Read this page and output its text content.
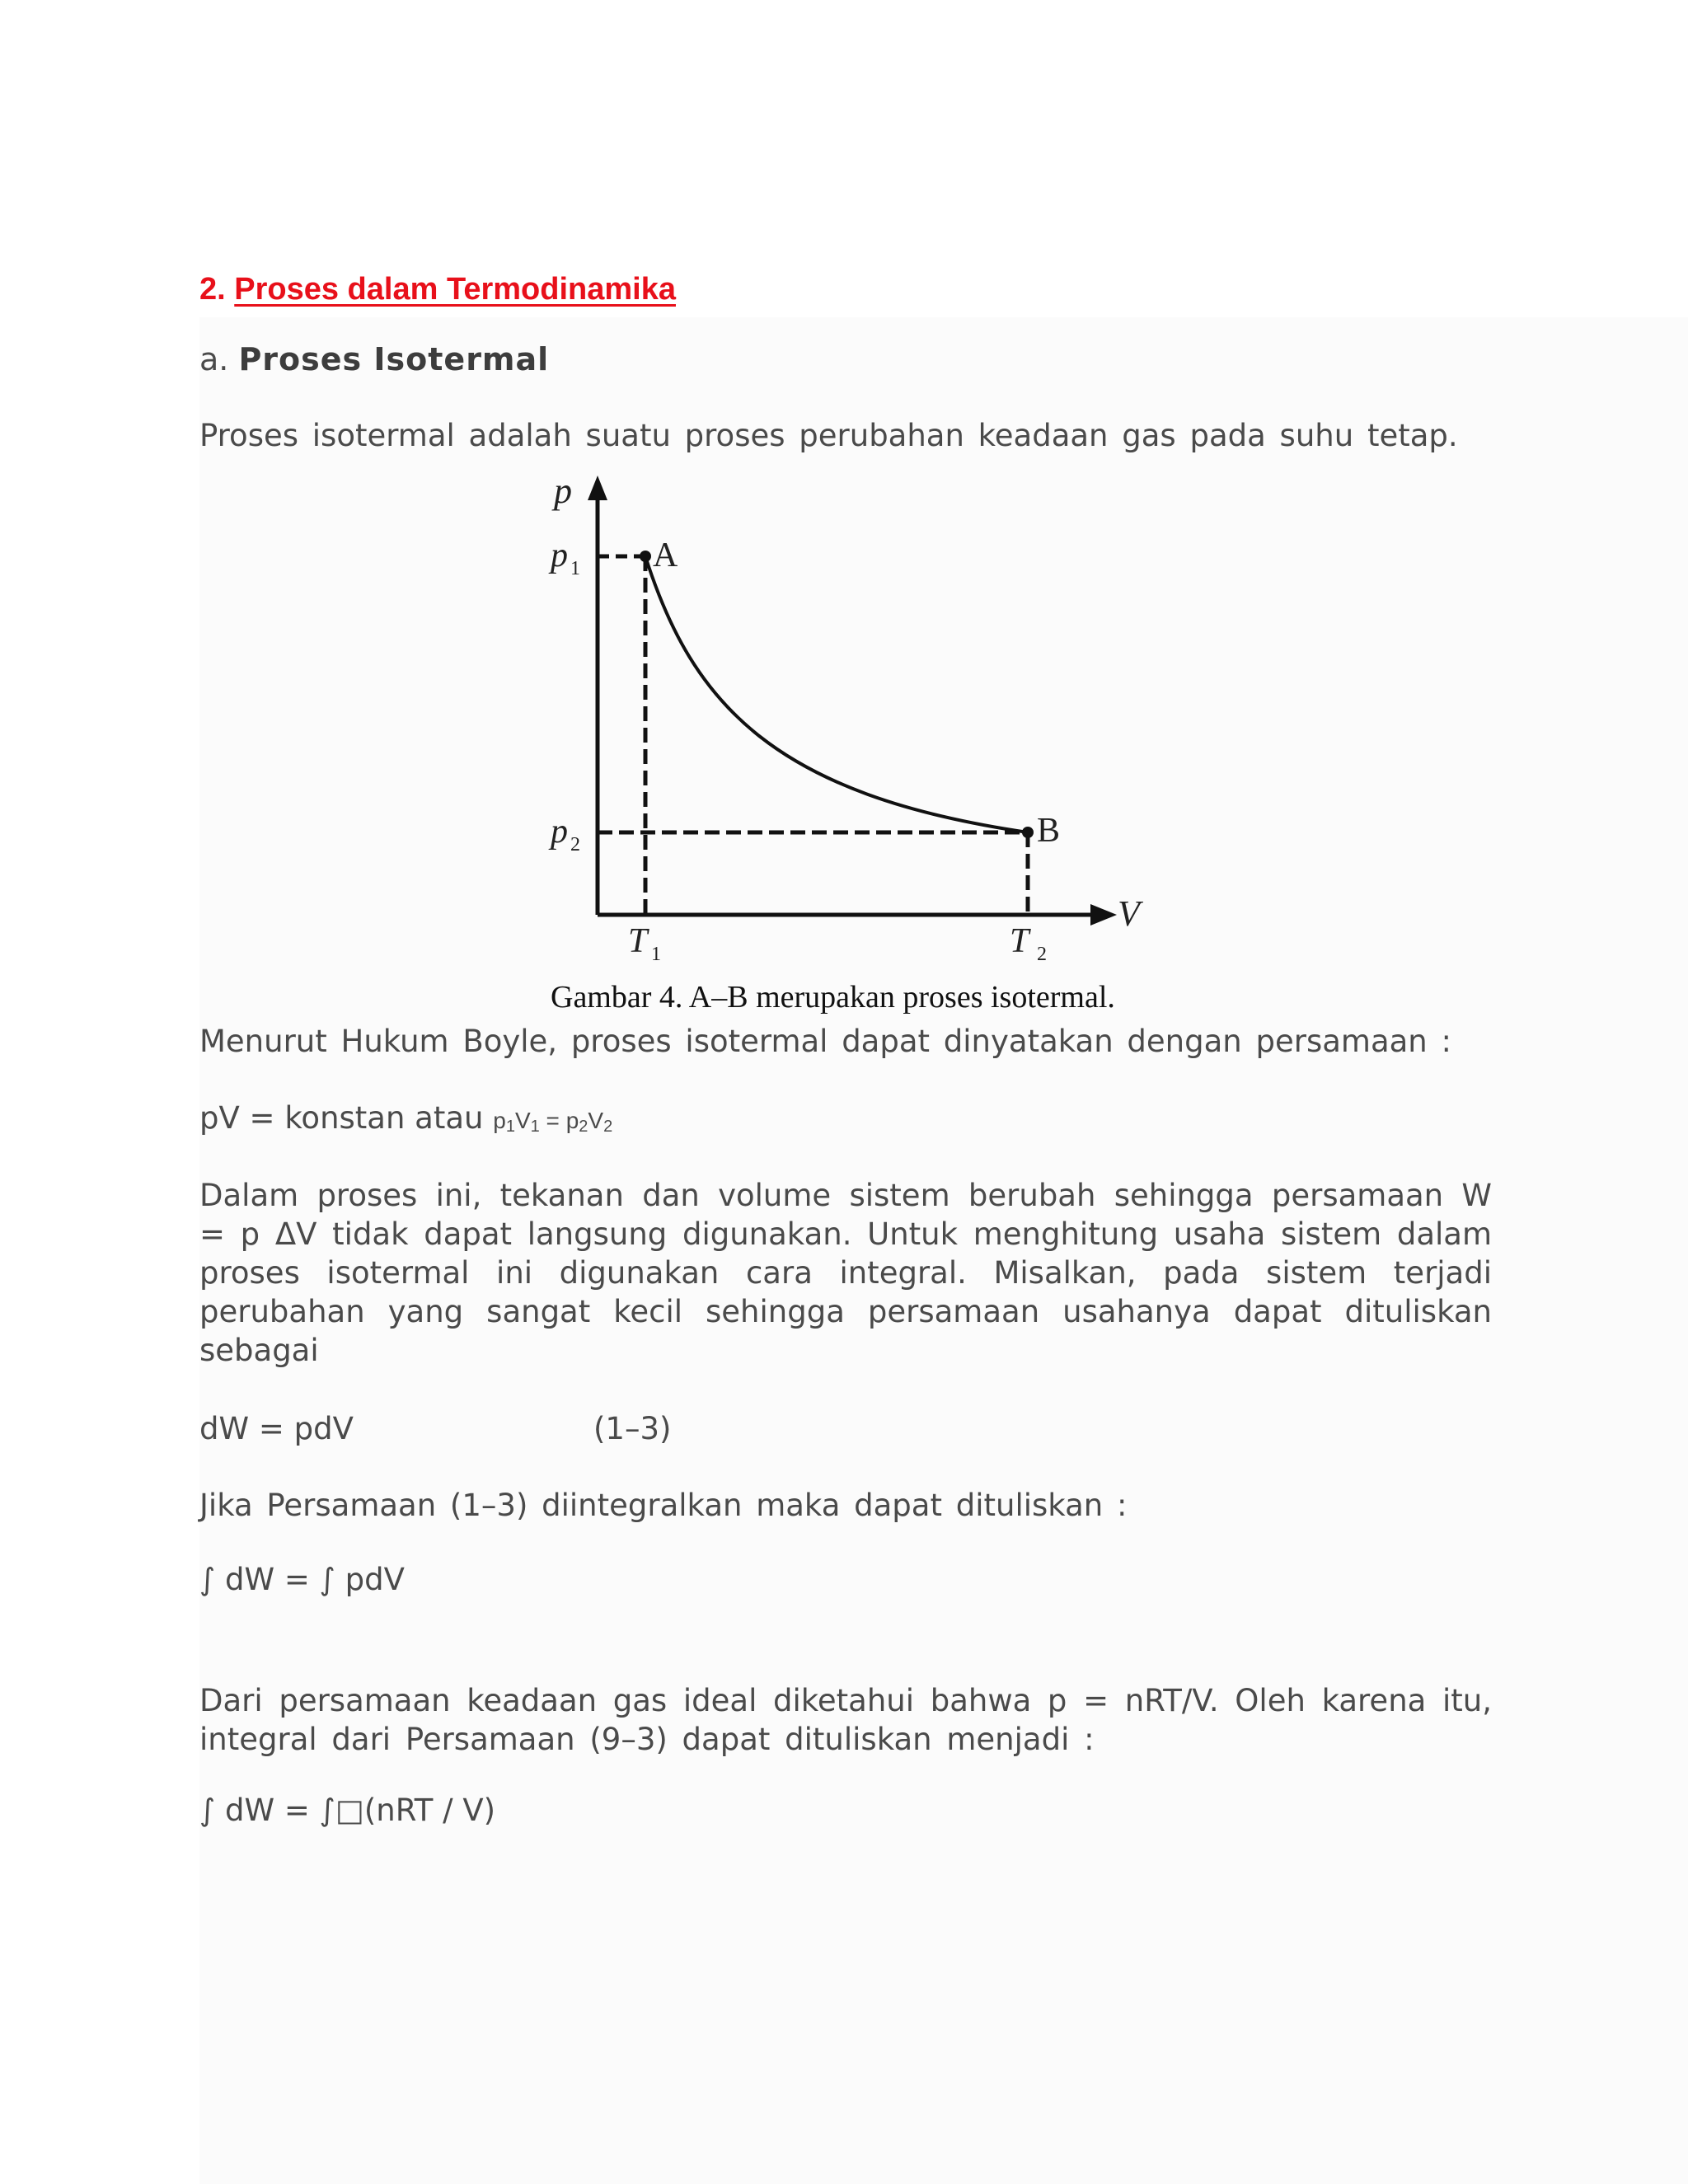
2. Proses dalam Termodinamika
a. Proses Isotermal
Proses isotermal adalah suatu proses perubahan keadaan gas pada suhu tetap.
p
p 1 A
p 2	B
T 1	T 2
V
Gambar 4. A–B merupakan proses isotermal.
Menurut Hukum Boyle, proses isotermal dapat dinyatakan dengan persamaan :
pV = konstan atau $p_1V_1 = p_2V_2$
Dalam proses ini, tekanan dan volume sistem berubah sehingga persamaan W = p ΔV tidak dapat langsung digunakan. Untuk menghitung usaha sistem dalam proses isotermal ini digunakan cara integral. Misalkan, pada sistem terjadi perubahan yang sangat kecil sehingga persamaan usahanya dapat dituliskan sebagai
dW = pdV	(1–3)
Jika Persamaan (1–3) diintegralkan maka dapat dituliskan :
∫ dW = ∫ pdV
Dari persamaan keadaan gas ideal diketahui bahwa p = nRT/V. Oleh karena itu, integral dari Persamaan (9–3) dapat dituliskan menjadi :
∫ dW = ∫□(nRT / V)
